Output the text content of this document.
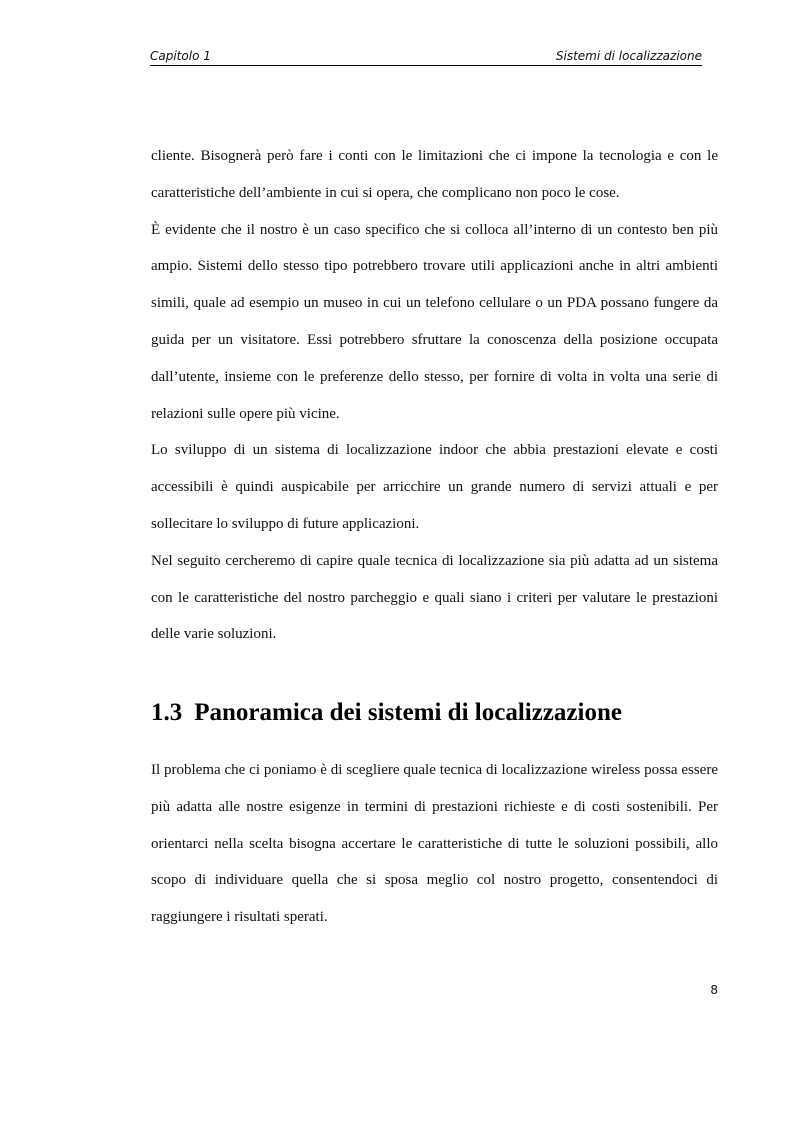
Capitolo 1	Sistemi di localizzazione

cliente. Bisognerà però fare i conti con le limitazioni che ci impone la tecnologia e con le caratteristiche dell’ambiente in cui si opera, che complicano non poco le cose.

È evidente che il nostro è un caso specifico che si colloca all’interno di un contesto ben più ampio. Sistemi dello stesso tipo potrebbero trovare utili applicazioni anche in altri ambienti simili, quale ad esempio un museo in cui un telefono cellulare o un PDA possano fungere da guida per un visitatore. Essi potrebbero sfruttare la conoscenza della posizione occupata dall’utente, insieme con le preferenze dello stesso, per fornire di volta in volta una serie di relazioni sulle opere più vicine.

Lo sviluppo di un sistema di localizzazione indoor che abbia prestazioni elevate e costi accessibili è quindi auspicabile per arricchire un grande numero di servizi attuali e per sollecitare lo sviluppo di future applicazioni.

Nel seguito cercheremo di capire quale tecnica di localizzazione sia più adatta ad un sistema con le caratteristiche del nostro parcheggio e quali siano i criteri per valutare le prestazioni delle varie soluzioni.

1.3 Panoramica dei sistemi di localizzazione

Il problema che ci poniamo è di scegliere quale tecnica di localizzazione wireless possa essere più adatta alle nostre esigenze in termini di prestazioni richieste e di costi sostenibili. Per orientarci nella scelta bisogna accertare le caratteristiche di tutte le soluzioni possibili, allo scopo di individuare quella che si sposa meglio col nostro progetto, consentendoci di raggiungere i risultati sperati.

8
